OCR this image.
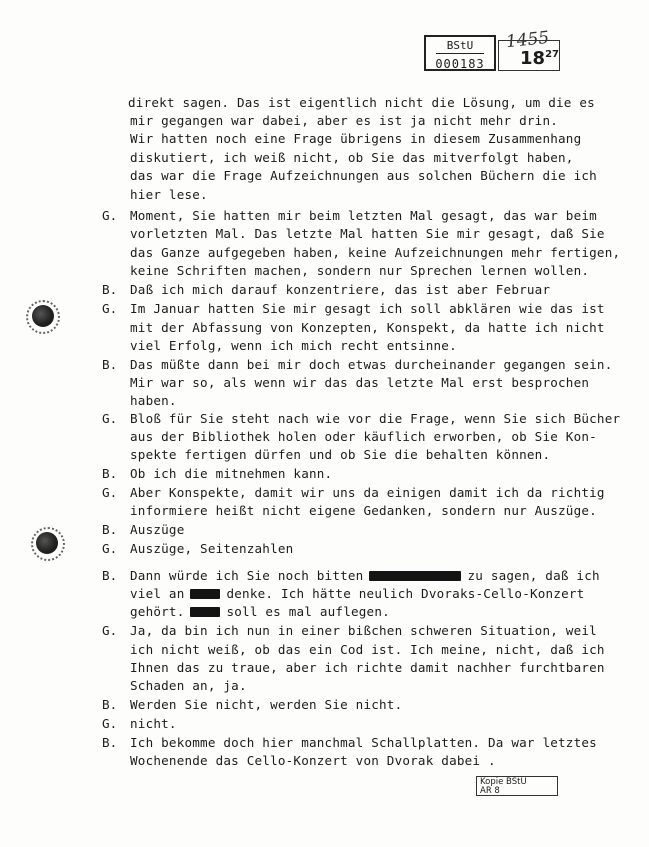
BStU
000183	$18^{27}$
1455
direkt sagen. Das ist eigentlich nicht die Lösung, um die es
mir gegangen war dabei, aber es ist ja nicht mehr drin.
Wir hatten noch eine Frage übrigens in diesem Zusammenhang
diskutiert, ich weiß nicht, ob Sie das mitverfolgt haben,
das war die Frage Aufzeichnungen aus solchen Büchern die ich
hier lese.
G. Moment, Sie hatten mir beim letzten Mal gesagt, das war beim
vorletzten Mal. Das letzte Mal hatten Sie mir gesagt, daß Sie
das Ganze aufgegeben haben, keine Aufzeichnungen mehr fertigen,
keine Schriften machen, sondern nur Sprechen lernen wollen.
B. Daß ich mich darauf konzentriere, das ist aber Februar
G. Im Januar hatten Sie mir gesagt ich soll abklären wie das ist
mit der Abfassung von Konzepten, Konspekt, da hatte ich nicht
viel Erfolg, wenn ich mich recht entsinne.
B. Das müßte dann bei mir doch etwas durcheinander gegangen sein.
Mir war so, als wenn wir das das letzte Mal erst besprochen
haben.
G. Bloß für Sie steht nach wie vor die Frage, wenn Sie sich Bücher
aus der Bibliothek holen oder käuflich erworben, ob Sie Kon-
spekte fertigen dürfen und ob Sie die behalten können.
B. Ob ich die mitnehmen kann.
G. Aber Konspekte, damit wir uns da einigen damit ich da richtig
informiere heißt nicht eigene Gedanken, sondern nur Auszüge.
B. Auszüge
G. Auszüge, Seitenzahlen
B. Dann würde ich Sie noch bitten	zu sagen, daß ich
viel an	denke. Ich hätte neulich Dvoraks-Cello-Konzert
gehört.	soll es mal auflegen.
G. Ja, da bin ich nun in einer bißchen schweren Situation, weil
ich nicht weiß, ob das ein Cod ist. Ich meine, nicht, daß ich
Ihnen das zu traue, aber ich richte damit nachher furchtbaren
Schaden an, ja.
B. Werden Sie nicht, werden Sie nicht.
G. nicht.
B. Ich bekomme doch hier manchmal Schallplatten. Da war letztes
Wochenende das Cello-Konzert von Dvorak dabei .
Kopie BStU
AR 8
